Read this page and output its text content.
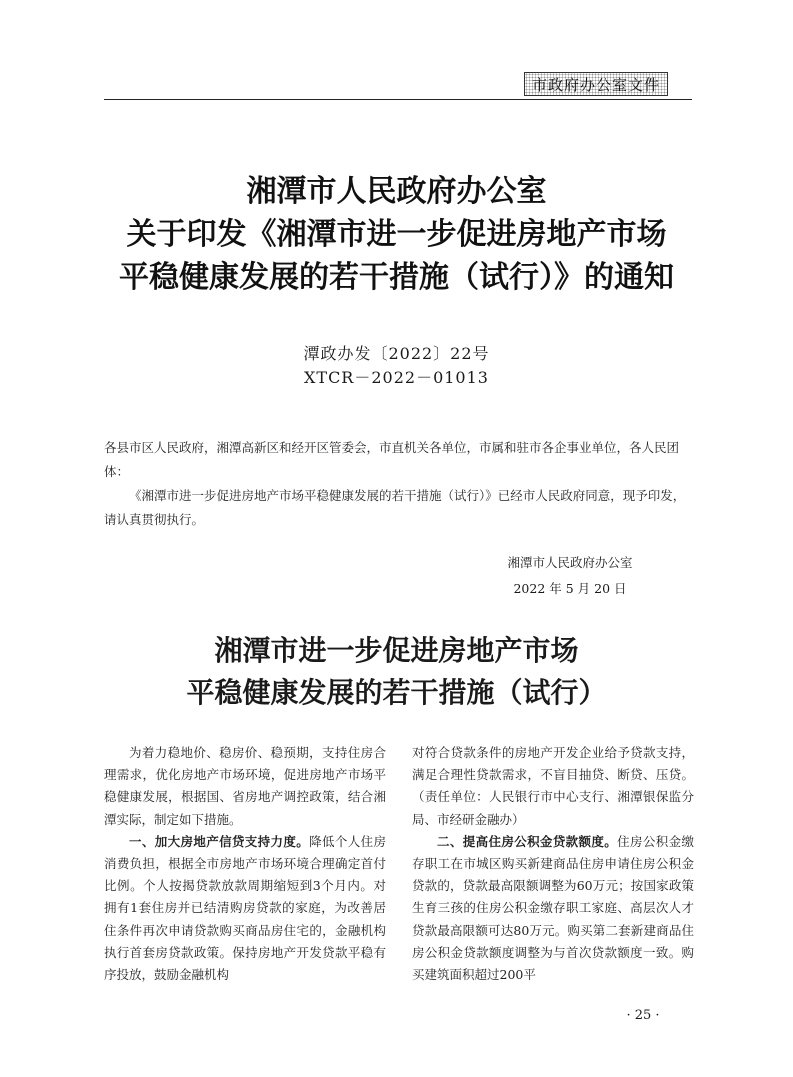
市政府办公室文件
湘潭市人民政府办公室
关于印发《湘潭市进一步促进房地产市场
平稳健康发展的若干措施（试行）》的通知
潭政办发〔2022〕22号
XTCR－2022－01013
各县市区人民政府，湘潭高新区和经开区管委会，市直机关各单位，市属和驻市各企事业单位，各人民团体：
《湘潭市进一步促进房地产市场平稳健康发展的若干措施（试行）》已经市人民政府同意，现予印发，请认真贯彻执行。
湘潭市人民政府办公室
2022 年 5 月 20 日
湘潭市进一步促进房地产市场
平稳健康发展的若干措施（试行）

为着力稳地价、稳房价、稳预期，支持住房合理需求，优化房地产市场环境，促进房地产市场平稳健康发展，根据国、省房地产调控政策，结合湘潭实际，制定如下措施。

一、加大房地产信贷支持力度。降低个人住房消费负担，根据全市房地产市场环境合理确定首付比例。个人按揭贷款放款周期缩短到3个月内。对拥有1套住房并已结清购房贷款的家庭，为改善居住条件再次申请贷款购买商品房住宅的，金融机构执行首套房贷款政策。保持房地产开发贷款平稳有序投放，鼓励金融机构

对符合贷款条件的房地产开发企业给予贷款支持，满足合理性贷款需求，不盲目抽贷、断贷、压贷。（责任单位：人民银行市中心支行、湘潭银保监分局、市经研金融办）

二、提高住房公积金贷款额度。住房公积金缴存职工在市城区购买新建商品住房申请住房公积金贷款的，贷款最高限额调整为60万元；按国家政策生育三孩的住房公积金缴存职工家庭、高层次人才贷款最高限额可达80万元。购买第二套新建商品住房公积金贷款额度调整为与首次贷款额度一致。购买建筑面积超过200平

· 25 ·
